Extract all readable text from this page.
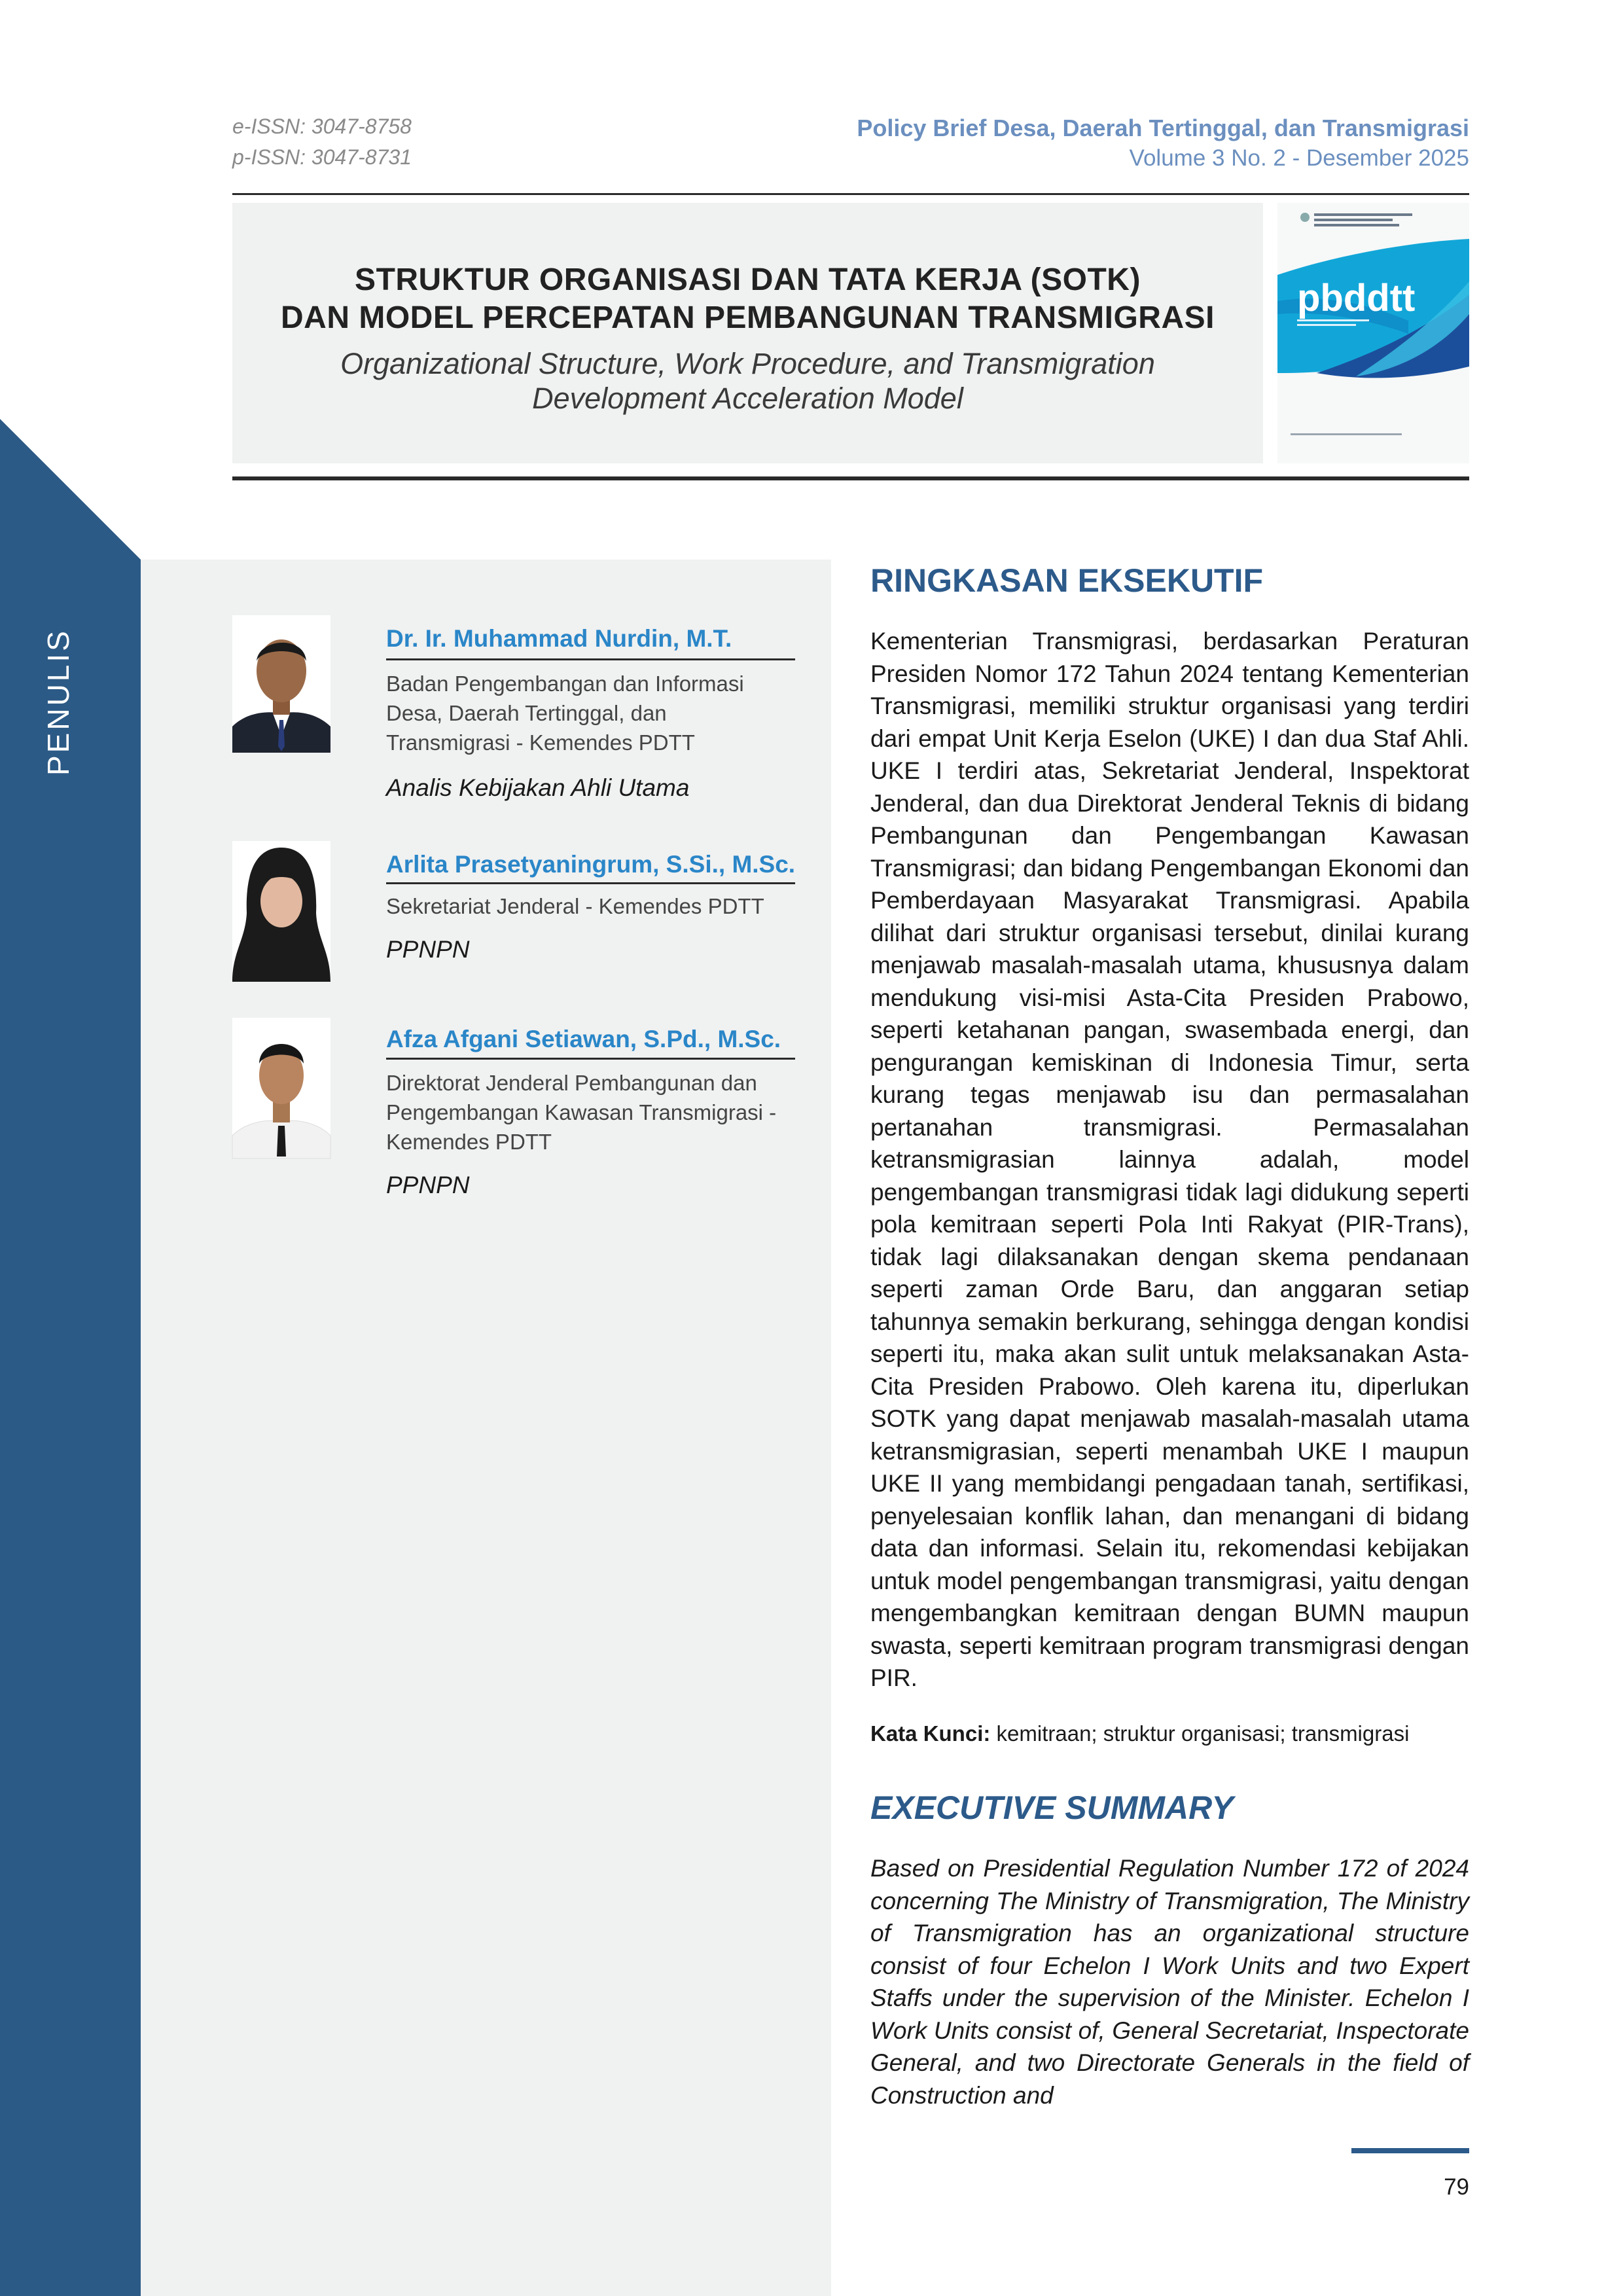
PENULIS
e-ISSN: 3047-8758
p-ISSN: 3047-8731
Policy Brief Desa, Daerah Tertinggal, dan Transmigrasi
Volume 3 No. 2 - Desember 2025
STRUKTUR ORGANISASI DAN TATA KERJA (SOTK)
DAN MODEL PERCEPATAN PEMBANGUNAN TRANSMIGRASI
Organizational Structure, Work Procedure, and Transmigration
Development Acceleration Model
pbddtt
Dr. Ir. Muhammad Nurdin, M.T.
Badan Pengembangan dan Informasi
Desa, Daerah Tertinggal, dan
Transmigrasi - Kemendes PDTT
Analis Kebijakan Ahli Utama
Arlita Prasetyaningrum, S.Si., M.Sc.
Sekretariat Jenderal - Kemendes PDTT
PPNPN
Afza Afgani Setiawan, S.Pd., M.Sc.
Direktorat Jenderal Pembangunan dan
Pengembangan Kawasan Transmigrasi -
Kemendes PDTT
PPNPN
RINGKASAN EKSEKUTIF
Kementerian Transmigrasi, berdasarkan Peraturan Presiden Nomor 172 Tahun 2024 tentang Kementerian Transmigrasi, memiliki struktur organisasi yang terdiri dari empat Unit Kerja Eselon (UKE) I dan dua Staf Ahli. UKE I terdiri atas, Sekretariat Jenderal, Inspektorat Jenderal, dan dua Direktorat Jenderal Teknis di bidang Pembangunan dan Pengembangan Kawasan Transmigrasi; dan bidang Pengembangan Ekonomi dan Pemberdayaan Masyarakat Transmigrasi. Apabila dilihat dari struktur organisasi tersebut, dinilai kurang menjawab masalah-masalah utama, khususnya dalam mendukung visi-misi Asta-Cita Presiden Prabowo, seperti ketahanan pangan, swasembada energi, dan pengurangan kemiskinan di Indonesia Timur, serta kurang tegas menjawab isu dan permasalahan pertanahan transmigrasi. Permasalahan ketransmigrasian lainnya adalah, model pengembangan transmigrasi tidak lagi didukung seperti pola kemitraan seperti Pola Inti Rakyat (PIR-Trans), tidak lagi dilaksanakan dengan skema pendanaan seperti zaman Orde Baru, dan anggaran setiap tahunnya semakin berkurang, sehingga dengan kondisi seperti itu, maka akan sulit untuk melaksanakan Asta-Cita Presiden Prabowo. Oleh karena itu, diperlukan SOTK yang dapat menjawab masalah-masalah utama ketransmigrasian, seperti menambah UKE I maupun UKE II yang membidangi pengadaan tanah, sertifikasi, penyelesaian konflik lahan, dan menangani di bidang data dan informasi. Selain itu, rekomendasi kebijakan untuk model pengembangan transmigrasi, yaitu dengan mengembangkan kemitraan dengan BUMN maupun swasta, seperti kemitraan program transmigrasi dengan PIR.
Kata Kunci: kemitraan; struktur organisasi; transmigrasi
EXECUTIVE SUMMARY
Based on Presidential Regulation Number 172 of 2024 concerning The Ministry of Transmigration, The Ministry of Transmigration has an organizational structure consist of four Echelon I Work Units and two Expert Staffs under the supervision of the Minister. Echelon I Work Units consist of, General Secretariat, Inspectorate General, and two Directorate Generals in the field of Construction and
79
